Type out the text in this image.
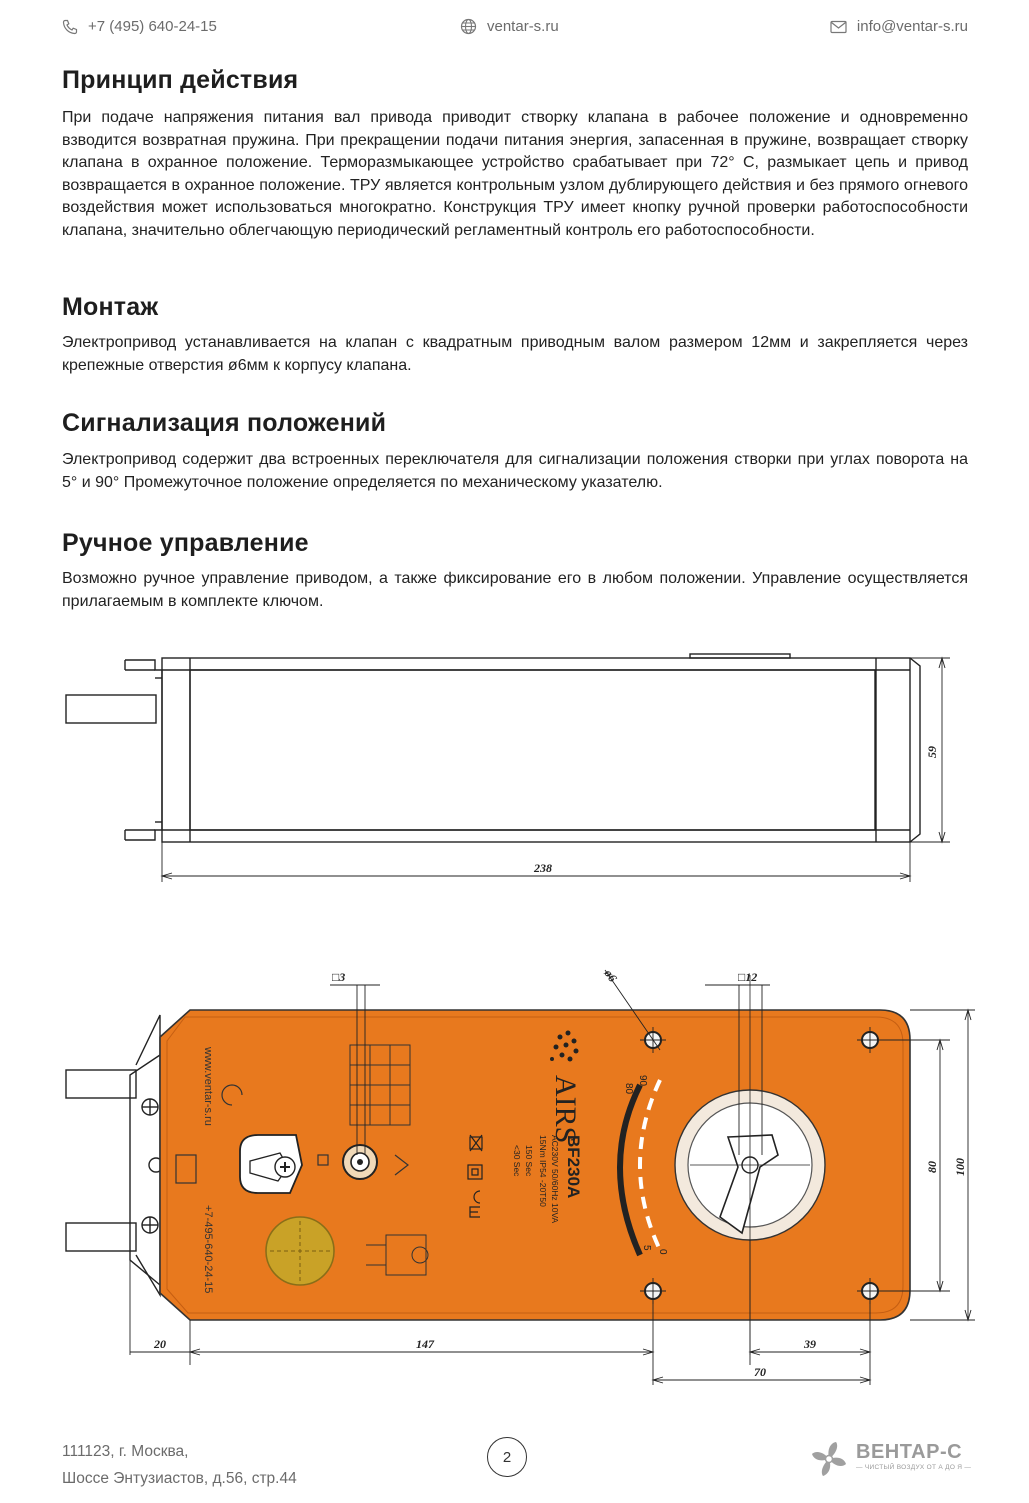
+7 (495) 640-24-15	ventar-s.ru	info@ventar-s.ru
Принцип действия

При подаче напряжения питания вал привода приводит створку клапана в рабочее положение и одновременно взводится возвратная пружина. При прекращении подачи питания энергия, запасенная в пружине, возвращает створку клапана в охранное положение. Терморазмыкающее устройство срабатывает при 72° С, размыкает цепь и привод возвращается в охранное положение. ТРУ является контрольным узлом дублирующего действия и без прямого огневого воздействия может использоваться многократно. Конструкция ТРУ имеет кнопку ручной проверки работоспособности клапана, значительно облегчающую периодический регламентный контроль его работоспособности.

Монтаж

Электропривод устанавливается на клапан с квадратным приводным валом размером 12мм и закрепляется через крепежные отверстия ø6мм к корпусу клапана.

Сигнализация положений

Электропривод содержит два встроенных переключателя для сигнализации положения створки при углах поворота на 5° и 90° Промежуточное положение определяется по механическому указателю.

Ручное управление

Возможно ручное управление приводом, а также фиксирование его в любом положении. Управление осуществляется прилагаемым в комплекте ключом.

59
238
90
80
5
0
AIRS
BF230A
AC230V 50/60Hz 10VA
15Nm IP54 -20T50
150 Sec
<30 Sec
www.ventar-s.ru
+7-495-640-24-15
□3	□12
ø6
80 100
20	147	39
70
111123, г. Москва,
Шоссе Энтузиастов, д.56, стр.44
2	ВЕНТАР-С
— ЧИСТЫЙ ВОЗДУХ ОТ А ДО Я —
